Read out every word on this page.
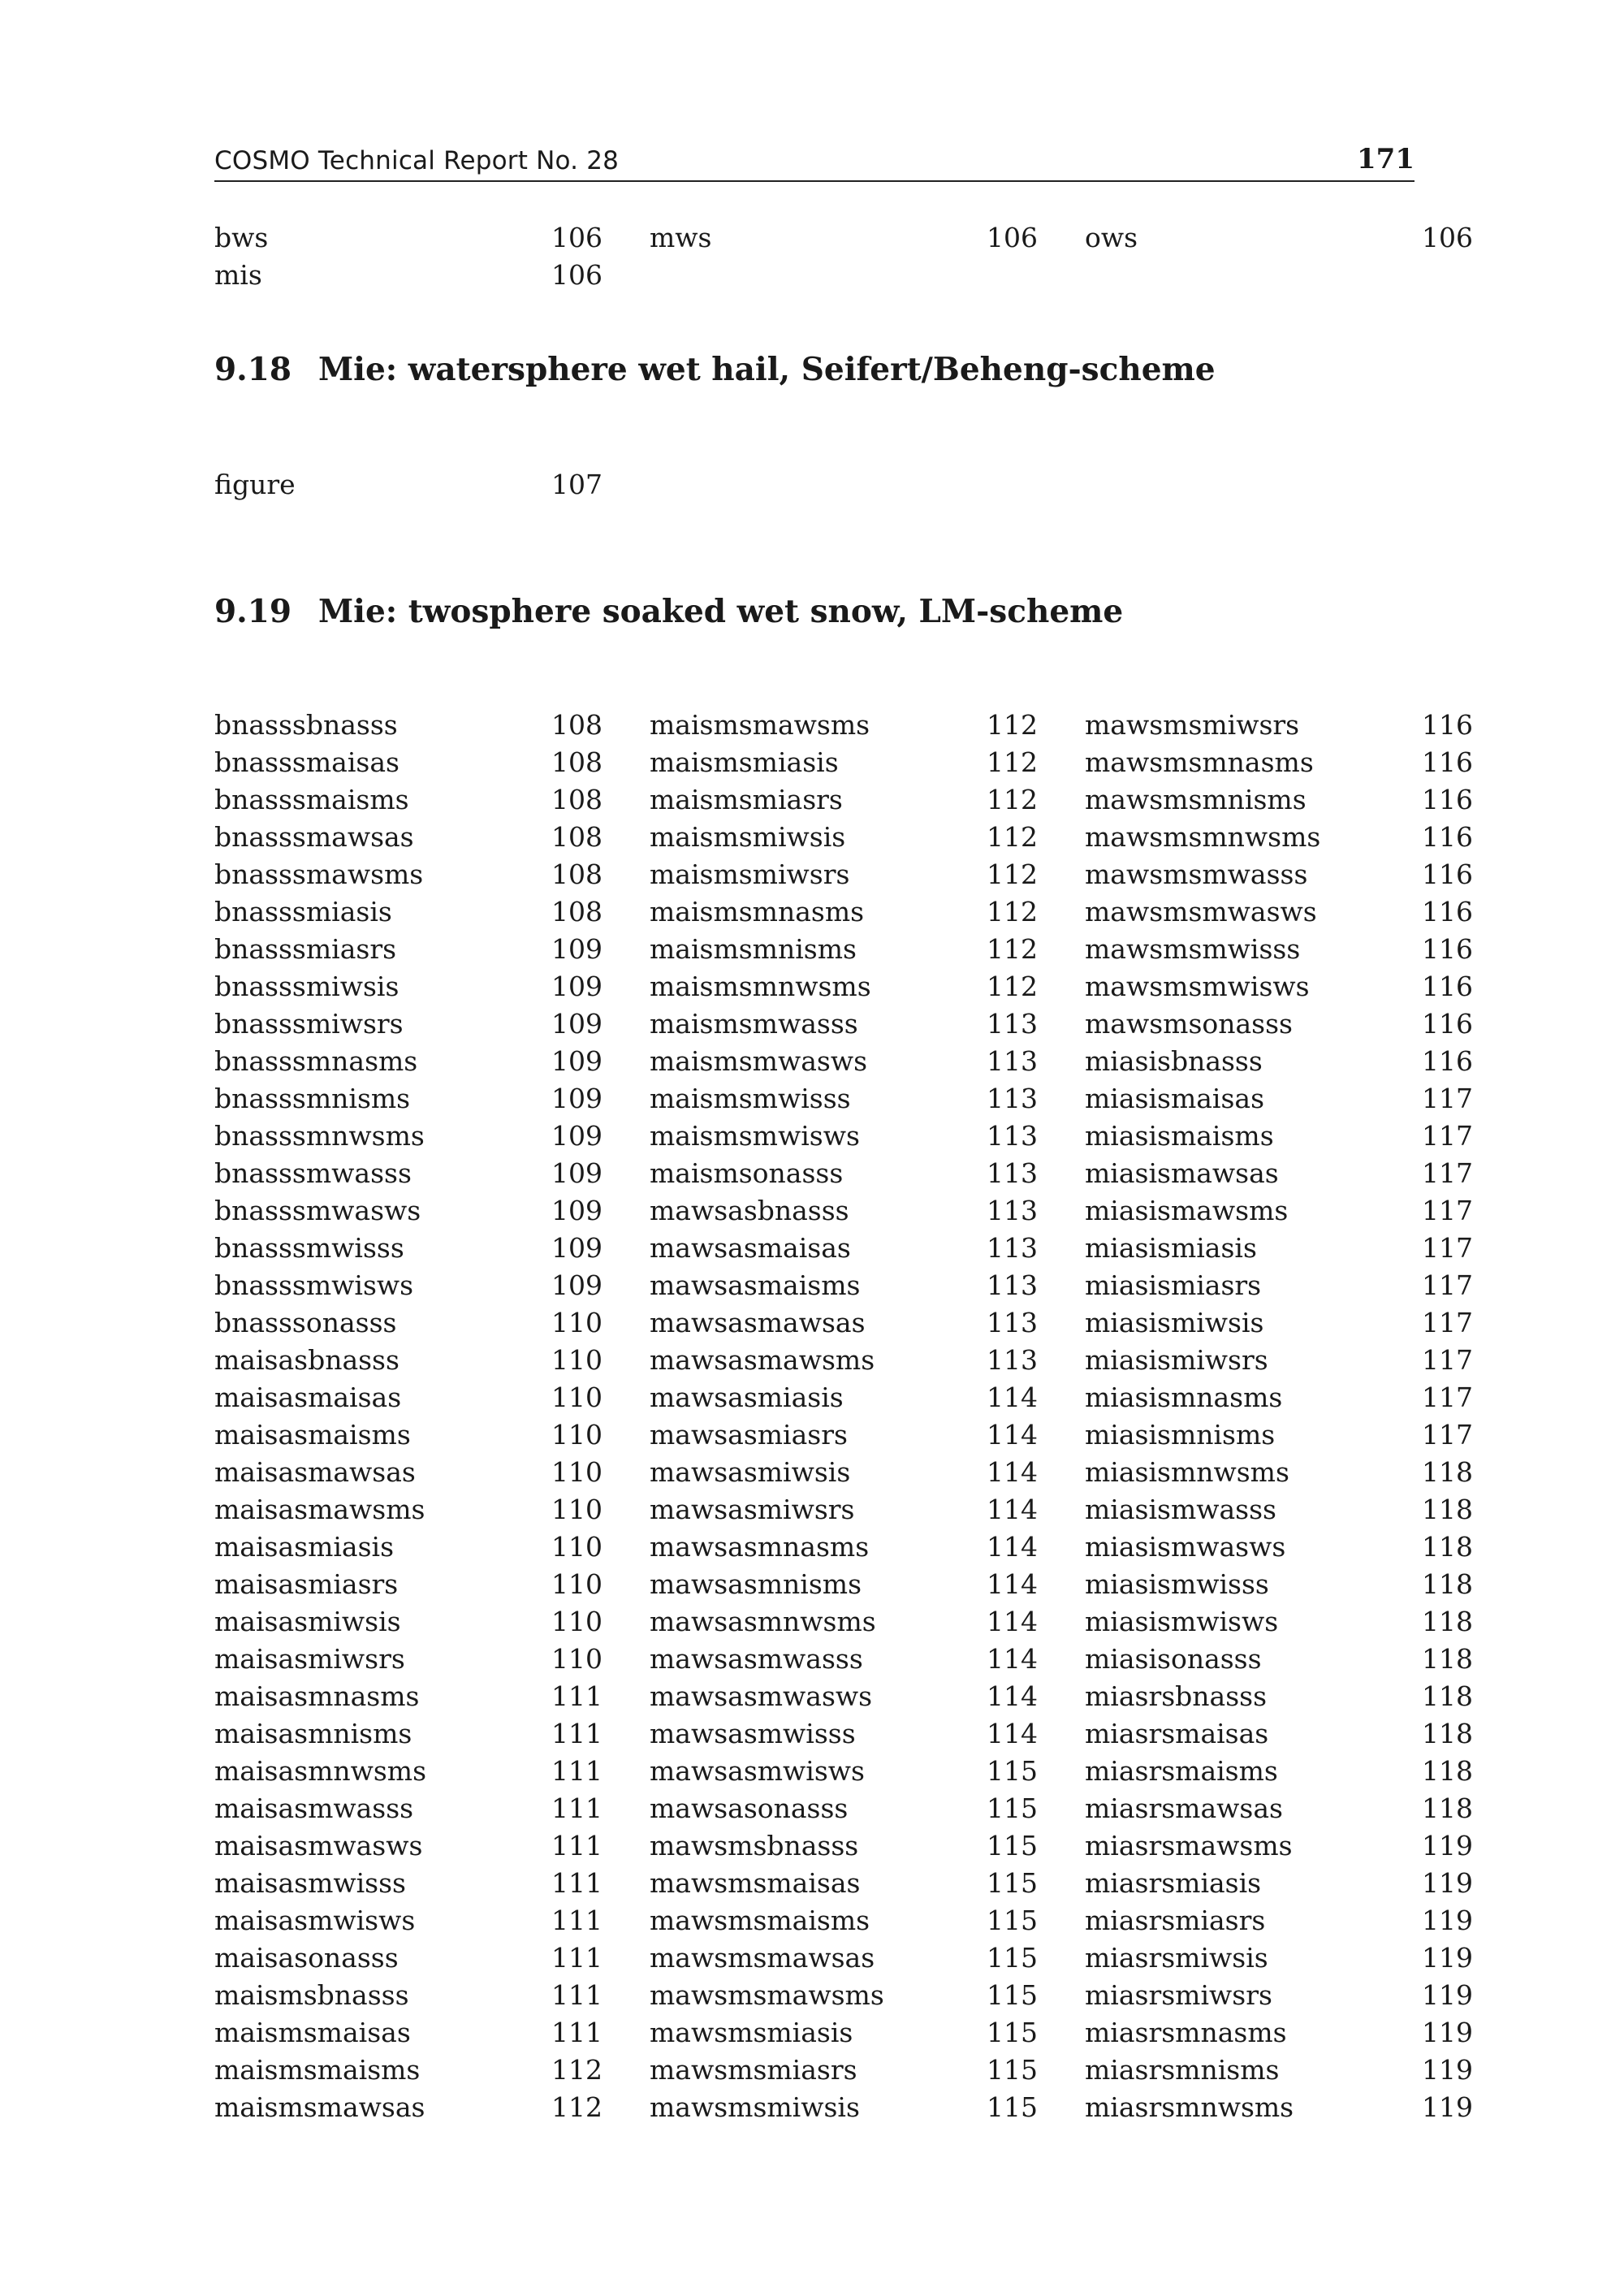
COSMO Technical Report No. 28	171
bws	106
mis	106
mws	106 ows	106
9.18 Mie: watersphere wet hail, Seifert/Beheng-scheme
figure	107
9.19 Mie: twosphere soaked wet snow, LM-scheme
bnasssbnasss	108
bnasssmaisas	108
bnasssmaisms	108
bnasssmawsas	108
bnasssmawsms	108
bnasssmiasis	108
bnasssmiasrs	109
bnasssmiwsis	109
bnasssmiwsrs	109
bnasssmnasms	109
bnasssmnisms	109
bnasssmnwsms	109
bnasssmwasss	109
bnasssmwasws	109
bnasssmwisss	109
bnasssmwisws	109
bnasssonasss	110
maisasbnasss	110
maisasmaisas	110
maisasmaisms	110
maisasmawsas	110
maisasmawsms	110
maisasmiasis	110
maisasmiasrs	110
maisasmiwsis	110
maisasmiwsrs	110
maisasmnasms	111
maisasmnisms	111
maisasmnwsms	111
maisasmwasss	111
maisasmwasws	111
maisasmwisss	111
maisasmwisws	111
maisasonasss	111
maismsbnasss	111
maismsmaisas	111
maismsmaisms	112
maismsmawsas	112
maismsmawsms	112
maismsmiasis	112
maismsmiasrs	112
maismsmiwsis	112
maismsmiwsrs	112
maismsmnasms	112
maismsmnisms	112
maismsmnwsms	112
maismsmwasss	113
maismsmwasws	113
maismsmwisss	113
maismsmwisws	113
maismsonasss	113
mawsasbnasss	113
mawsasmaisas	113
mawsasmaisms	113
mawsasmawsas	113
mawsasmawsms	113
mawsasmiasis	114
mawsasmiasrs	114
mawsasmiwsis	114
mawsasmiwsrs	114
mawsasmnasms	114
mawsasmnisms	114
mawsasmnwsms	114
mawsasmwasss	114
mawsasmwasws	114
mawsasmwisss	114
mawsasmwisws	115
mawsasonasss	115
mawsmsbnasss	115
mawsmsmaisas	115
mawsmsmaisms	115
mawsmsmawsas	115
mawsmsmawsms	115
mawsmsmiasis	115
mawsmsmiasrs	115
mawsmsmiwsis	115
mawsmsmiwsrs	116
mawsmsmnasms	116
mawsmsmnisms	116
mawsmsmnwsms	116
mawsmsmwasss	116
mawsmsmwasws	116
mawsmsmwisss	116
mawsmsmwisws	116
mawsmsonasss	116
miasisbnasss	116
miasismaisas	117
miasismaisms	117
miasismawsas	117
miasismawsms	117
miasismiasis	117
miasismiasrs	117
miasismiwsis	117
miasismiwsrs	117
miasismnasms	117
miasismnisms	117
miasismnwsms	118
miasismwasss	118
miasismwasws	118
miasismwisss	118
miasismwisws	118
miasisonasss	118
miasrsbnasss	118
miasrsmaisas	118
miasrsmaisms	118
miasrsmawsas	118
miasrsmawsms	119
miasrsmiasis	119
miasrsmiasrs	119
miasrsmiwsis	119
miasrsmiwsrs	119
miasrsmnasms	119
miasrsmnisms	119
miasrsmnwsms	119
